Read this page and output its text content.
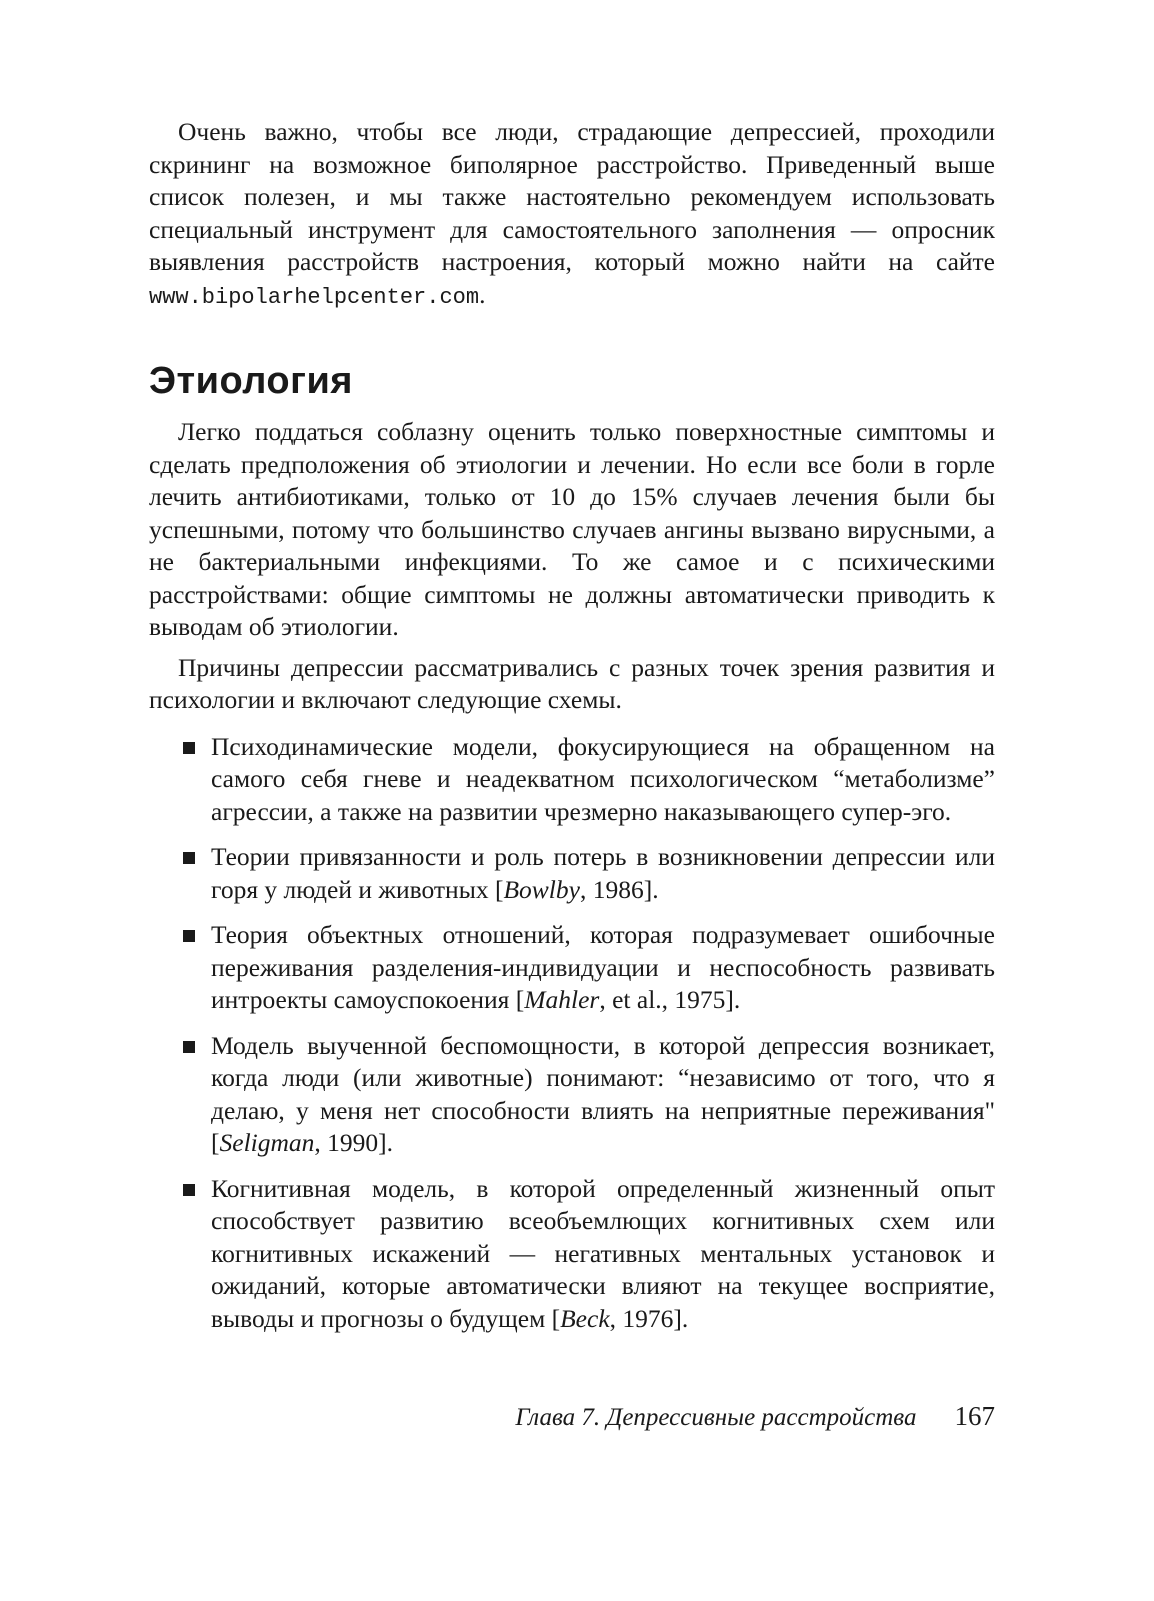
Очень важно, чтобы все люди, страдающие депрессией, проходили скрининг на возможное биполярное расстройство. Приведенный выше список полезен, и мы также настоятельно рекомендуем использовать специальный инструмент для самостоятельного заполнения — опросник выявления расстройств настроения, который можно найти на сайте www.bipolarhelpcenter.com.

Этиология

Легко поддаться соблазну оценить только поверхностные симптомы и сделать предположения об этиологии и лечении. Но если все боли в горле лечить антибиотиками, только от 10 до 15% случаев лечения были бы успешными, потому что большинство случаев ангины вызвано вирусными, а не бактериальными инфекциями. То же самое и с психическими расстройствами: общие симптомы не должны автоматически приводить к выводам об этиологии.

Причины депрессии рассматривались с разных точек зрения развития и психологии и включают следующие схемы.

Психодинамические модели, фокусирующиеся на обращенном на самого себя гневе и неадекватном психологическом “метаболизме” агрессии, а также на развитии чрезмерно наказывающего супер-эго.
Теории привязанности и роль потерь в возникновении депрессии или горя у людей и животных [Bowlby, 1986].
Теория объектных отношений, которая подразумевает ошибочные переживания разделения-индивидуации и неспособность развивать интроекты самоуспокоения [Mahler, et al., 1975].
Модель выученной беспомощности, в которой депрессия возникает, когда люди (или животные) понимают: “независимо от того, что я делаю, у меня нет способности влиять на неприятные переживания" [Seligman, 1990].
Когнитивная модель, в которой определенный жизненный опыт способствует развитию всеобъемлющих когнитивных схем или когнитивных искажений — негативных ментальных установок и ожиданий, которые автоматически влияют на текущее восприятие, выводы и прогнозы о будущем [Beck, 1976].
Глава 7. Депрессивные расстройства 167
